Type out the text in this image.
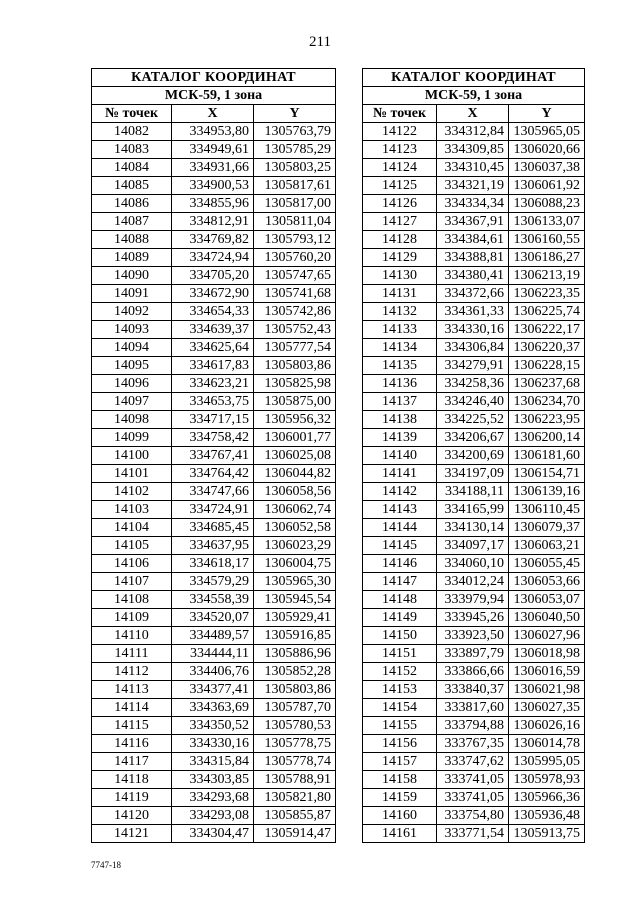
211
КАТАЛОГ КООРДИНАТ		
МСК-59, 1 зона		
№ точек	X	Y
14082	334953,80	1305763,79
14083	334949,61	1305785,29
14084	334931,66	1305803,25
14085	334900,53	1305817,61
14086	334855,96	1305817,00
14087	334812,91	1305811,04
14088	334769,82	1305793,12
14089	334724,94	1305760,20
14090	334705,20	1305747,65
14091	334672,90	1305741,68
14092	334654,33	1305742,86
14093	334639,37	1305752,43
14094	334625,64	1305777,54
14095	334617,83	1305803,86
14096	334623,21	1305825,98
14097	334653,75	1305875,00
14098	334717,15	1305956,32
14099	334758,42	1306001,77
14100	334767,41	1306025,08
14101	334764,42	1306044,82
14102	334747,66	1306058,56
14103	334724,91	1306062,74
14104	334685,45	1306052,58
14105	334637,95	1306023,29
14106	334618,17	1306004,75
14107	334579,29	1305965,30
14108	334558,39	1305945,54
14109	334520,07	1305929,41
14110	334489,57	1305916,85
14111	334444,11	1305886,96
14112	334406,76	1305852,28
14113	334377,41	1305803,86
14114	334363,69	1305787,70
14115	334350,52	1305780,53
14116	334330,16	1305778,75
14117	334315,84	1305778,74
14118	334303,85	1305788,91
14119	334293,68	1305821,80
14120	334293,08	1305855,87
14121	334304,47	1305914,47
КАТАЛОГ КООРДИНАТ		
МСК-59, 1 зона		
№ точек	X	Y
14122	334312,84	1305965,05
14123	334309,85	1306020,66
14124	334310,45	1306037,38
14125	334321,19	1306061,92
14126	334334,34	1306088,23
14127	334367,91	1306133,07
14128	334384,61	1306160,55
14129	334388,81	1306186,27
14130	334380,41	1306213,19
14131	334372,66	1306223,35
14132	334361,33	1306225,74
14133	334330,16	1306222,17
14134	334306,84	1306220,37
14135	334279,91	1306228,15
14136	334258,36	1306237,68
14137	334246,40	1306234,70
14138	334225,52	1306223,95
14139	334206,67	1306200,14
14140	334200,69	1306181,60
14141	334197,09	1306154,71
14142	334188,11	1306139,16
14143	334165,99	1306110,45
14144	334130,14	1306079,37
14145	334097,17	1306063,21
14146	334060,10	1306055,45
14147	334012,24	1306053,66
14148	333979,94	1306053,07
14149	333945,26	1306040,50
14150	333923,50	1306027,96
14151	333897,79	1306018,98
14152	333866,66	1306016,59
14153	333840,37	1306021,98
14154	333817,60	1306027,35
14155	333794,88	1306026,16
14156	333767,35	1306014,78
14157	333747,62	1305995,05
14158	333741,05	1305978,93
14159	333741,05	1305966,36
14160	333754,80	1305936,48
14161	333771,54	1305913,75
7747-18
